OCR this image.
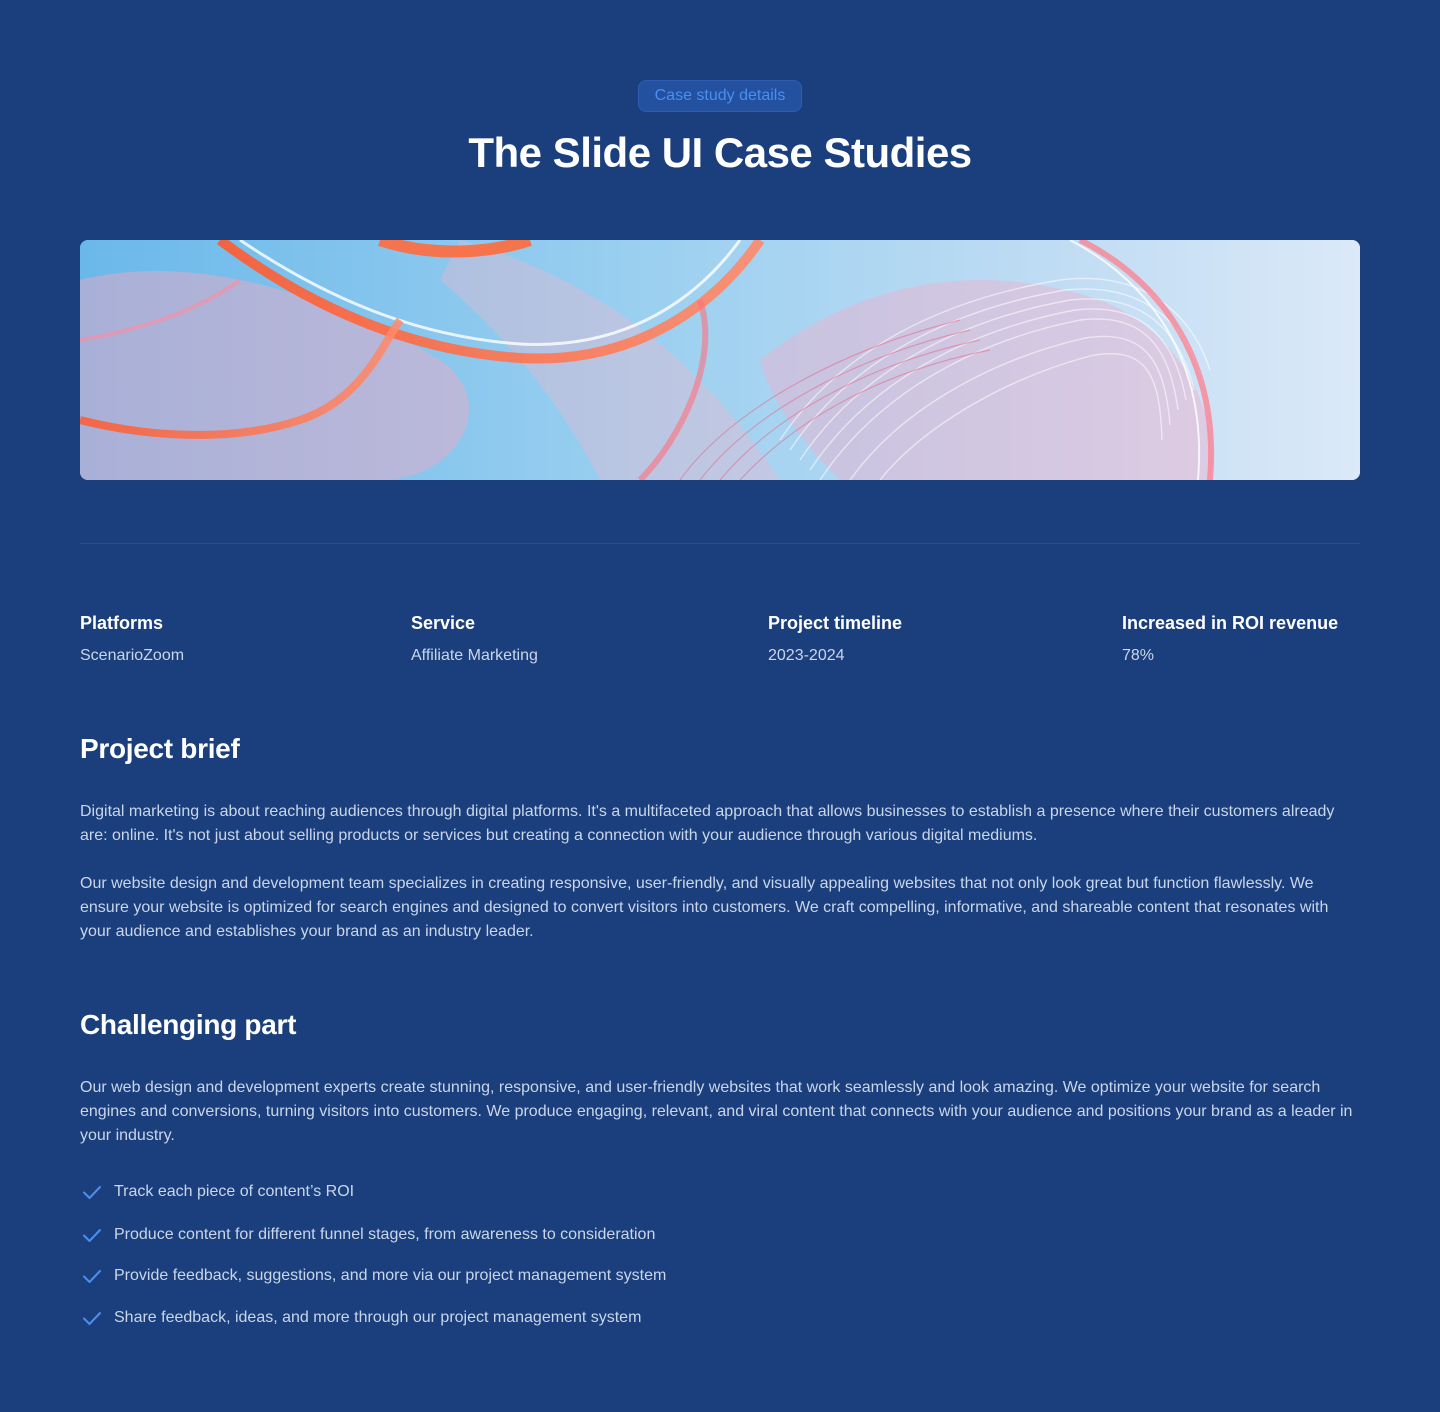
Case study details
The Slide UI Case Studies
Platforms
ScenarioZoom
Service
Affiliate Marketing
Project timeline
2023-2024
Increased in ROI revenue
78%
Project brief

Digital marketing is about reaching audiences through digital platforms. It's a multifaceted approach that allows businesses to establish a presence where their customers already are: online. It's not just about selling products or services but creating a connection with your audience through various digital mediums.

Our website design and development team specializes in creating responsive, user-friendly, and visually appealing websites that not only look great but function flawlessly. We ensure your website is optimized for search engines and designed to convert visitors into customers. We craft compelling, informative, and shareable content that resonates with your audience and establishes your brand as an industry leader.

Challenging part

Our web design and development experts create stunning, responsive, and user-friendly websites that work seamlessly and look amazing. We optimize your website for search engines and conversions, turning visitors into customers. We produce engaging, relevant, and viral content that connects with your audience and positions your brand as a leader in your industry.

Track each piece of content’s ROI
Produce content for different funnel stages, from awareness to consideration
Provide feedback, suggestions, and more via our project management system
Share feedback, ideas, and more through our project management system
